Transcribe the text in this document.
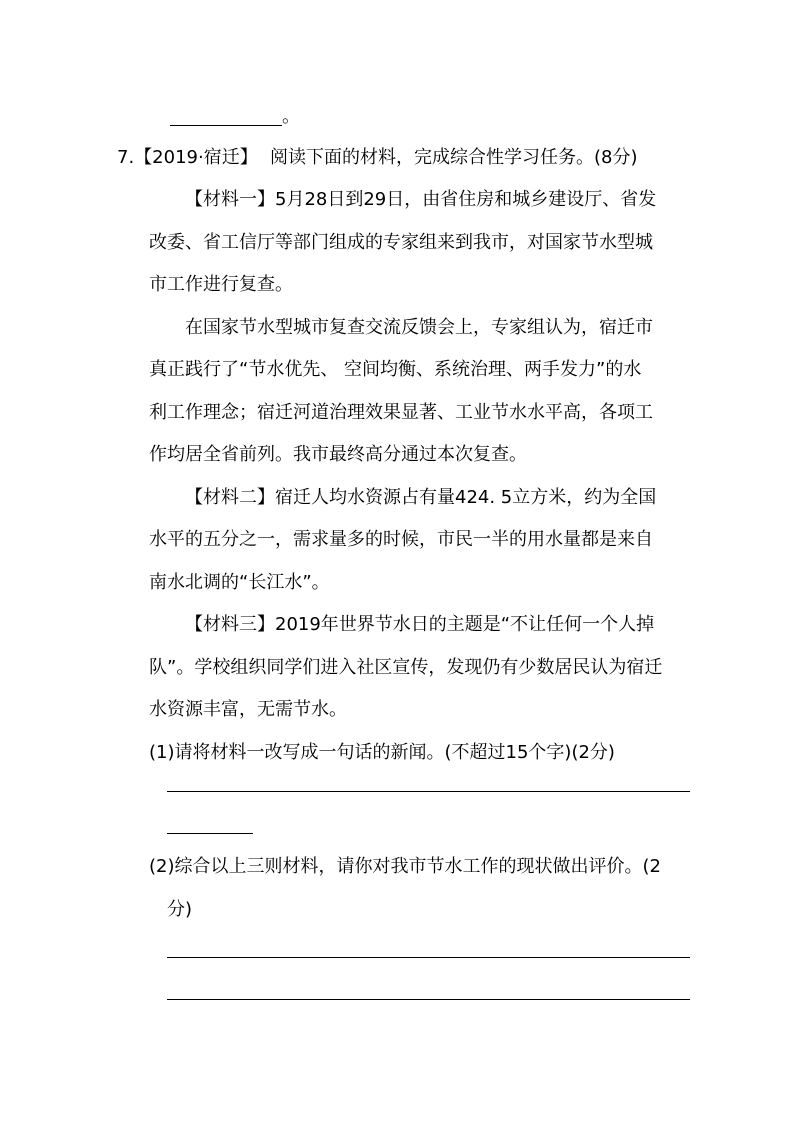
。
7.【2019·宿迁】 阅读下面的材料，完成综合性学习任务。(8分)
【材料一】5月28日到29日，由省住房和城乡建设厅、省发
改委、省工信厅等部门组成的专家组来到我市，对国家节水型城
市工作进行复查。
在国家节水型城市复查交流反馈会上，专家组认为，宿迁市
真正践行了“节水优先、 空间均衡、系统治理、两手发力”的水
利工作理念；宿迁河道治理效果显著、工业节水水平高，各项工
作均居全省前列。我市最终高分通过本次复查。
【材料二】宿迁人均水资源占有量424. 5立方米，约为全国
水平的五分之一，需求量多的时候，市民一半的用水量都是来自
南水北调的“长江水”。
【材料三】2019年世界节水日的主题是“不让任何一个人掉
队”。学校组织同学们进入社区宣传，发现仍有少数居民认为宿迁
水资源丰富，无需节水。
(1)请将材料一改写成一句话的新闻。(不超过15个字)(2分)
(2)综合以上三则材料，请你对我市节水工作的现状做出评价。(2
分)
